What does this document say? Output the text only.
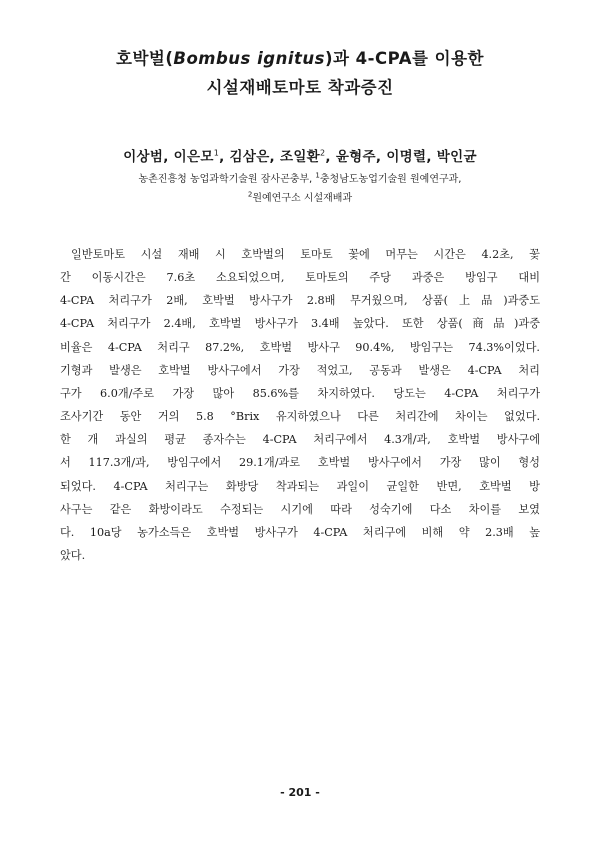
호박벌(Bombus ignitus)과 4-CPA를 이용한
시설재배토마토 착과증진
이상범, 이은모$^1$, 김삼은, 조일환$^2$, 윤형주, 이명렬, 박인균
농촌진흥청 농업과학기술원 잠사곤충부, $^1$충청남도농업기술원 원예연구과,
$^2$원예연구소 시설재배과
일반토마토 시설 재배 시 호박벌의 토마토 꽃에 머무는 시간은 4.2초, 꽃
간 이동시간은 7.6초 소요되었으며, 토마토의 주당 과중은 방임구 대비
4-CPA 처리구가 2배, 호박벌 방사구가 2.8배 무거웠으며, 상품(上品)과중도
4-CPA 처리구가 2.4배, 호박벌 방사구가 3.4배 높았다. 또한 상품(商品)과중
비율은 4-CPA 처리구 87.2%, 호박벌 방사구 90.4%, 방임구는 74.3%이었다.
기형과 발생은 호박벌 방사구에서 가장 적었고, 공동과 발생은 4-CPA 처리
구가 6.0개/주로 가장 많아 85.6%를 차지하였다. 당도는 4-CPA 처리구가
조사기간 동안 거의 5.8 °Brix 유지하였으나 다른 처리간에 차이는 없었다.
한 개 과실의 평균 종자수는 4-CPA 처리구에서 4.3개/과, 호박벌 방사구에
서 117.3개/과, 방임구에서 29.1개/과로 호박벌 방사구에서 가장 많이 형성
되었다. 4-CPA 처리구는 화방당 착과되는 과일이 균일한 반면, 호박벌 방
사구는 같은 화방이라도 수정되는 시기에 따라 성숙기에 다소 차이를 보였
다. 10a당 농가소득은 호박벌 방사구가 4-CPA 처리구에 비해 약 2.3배 높
았다.
- 201 -
